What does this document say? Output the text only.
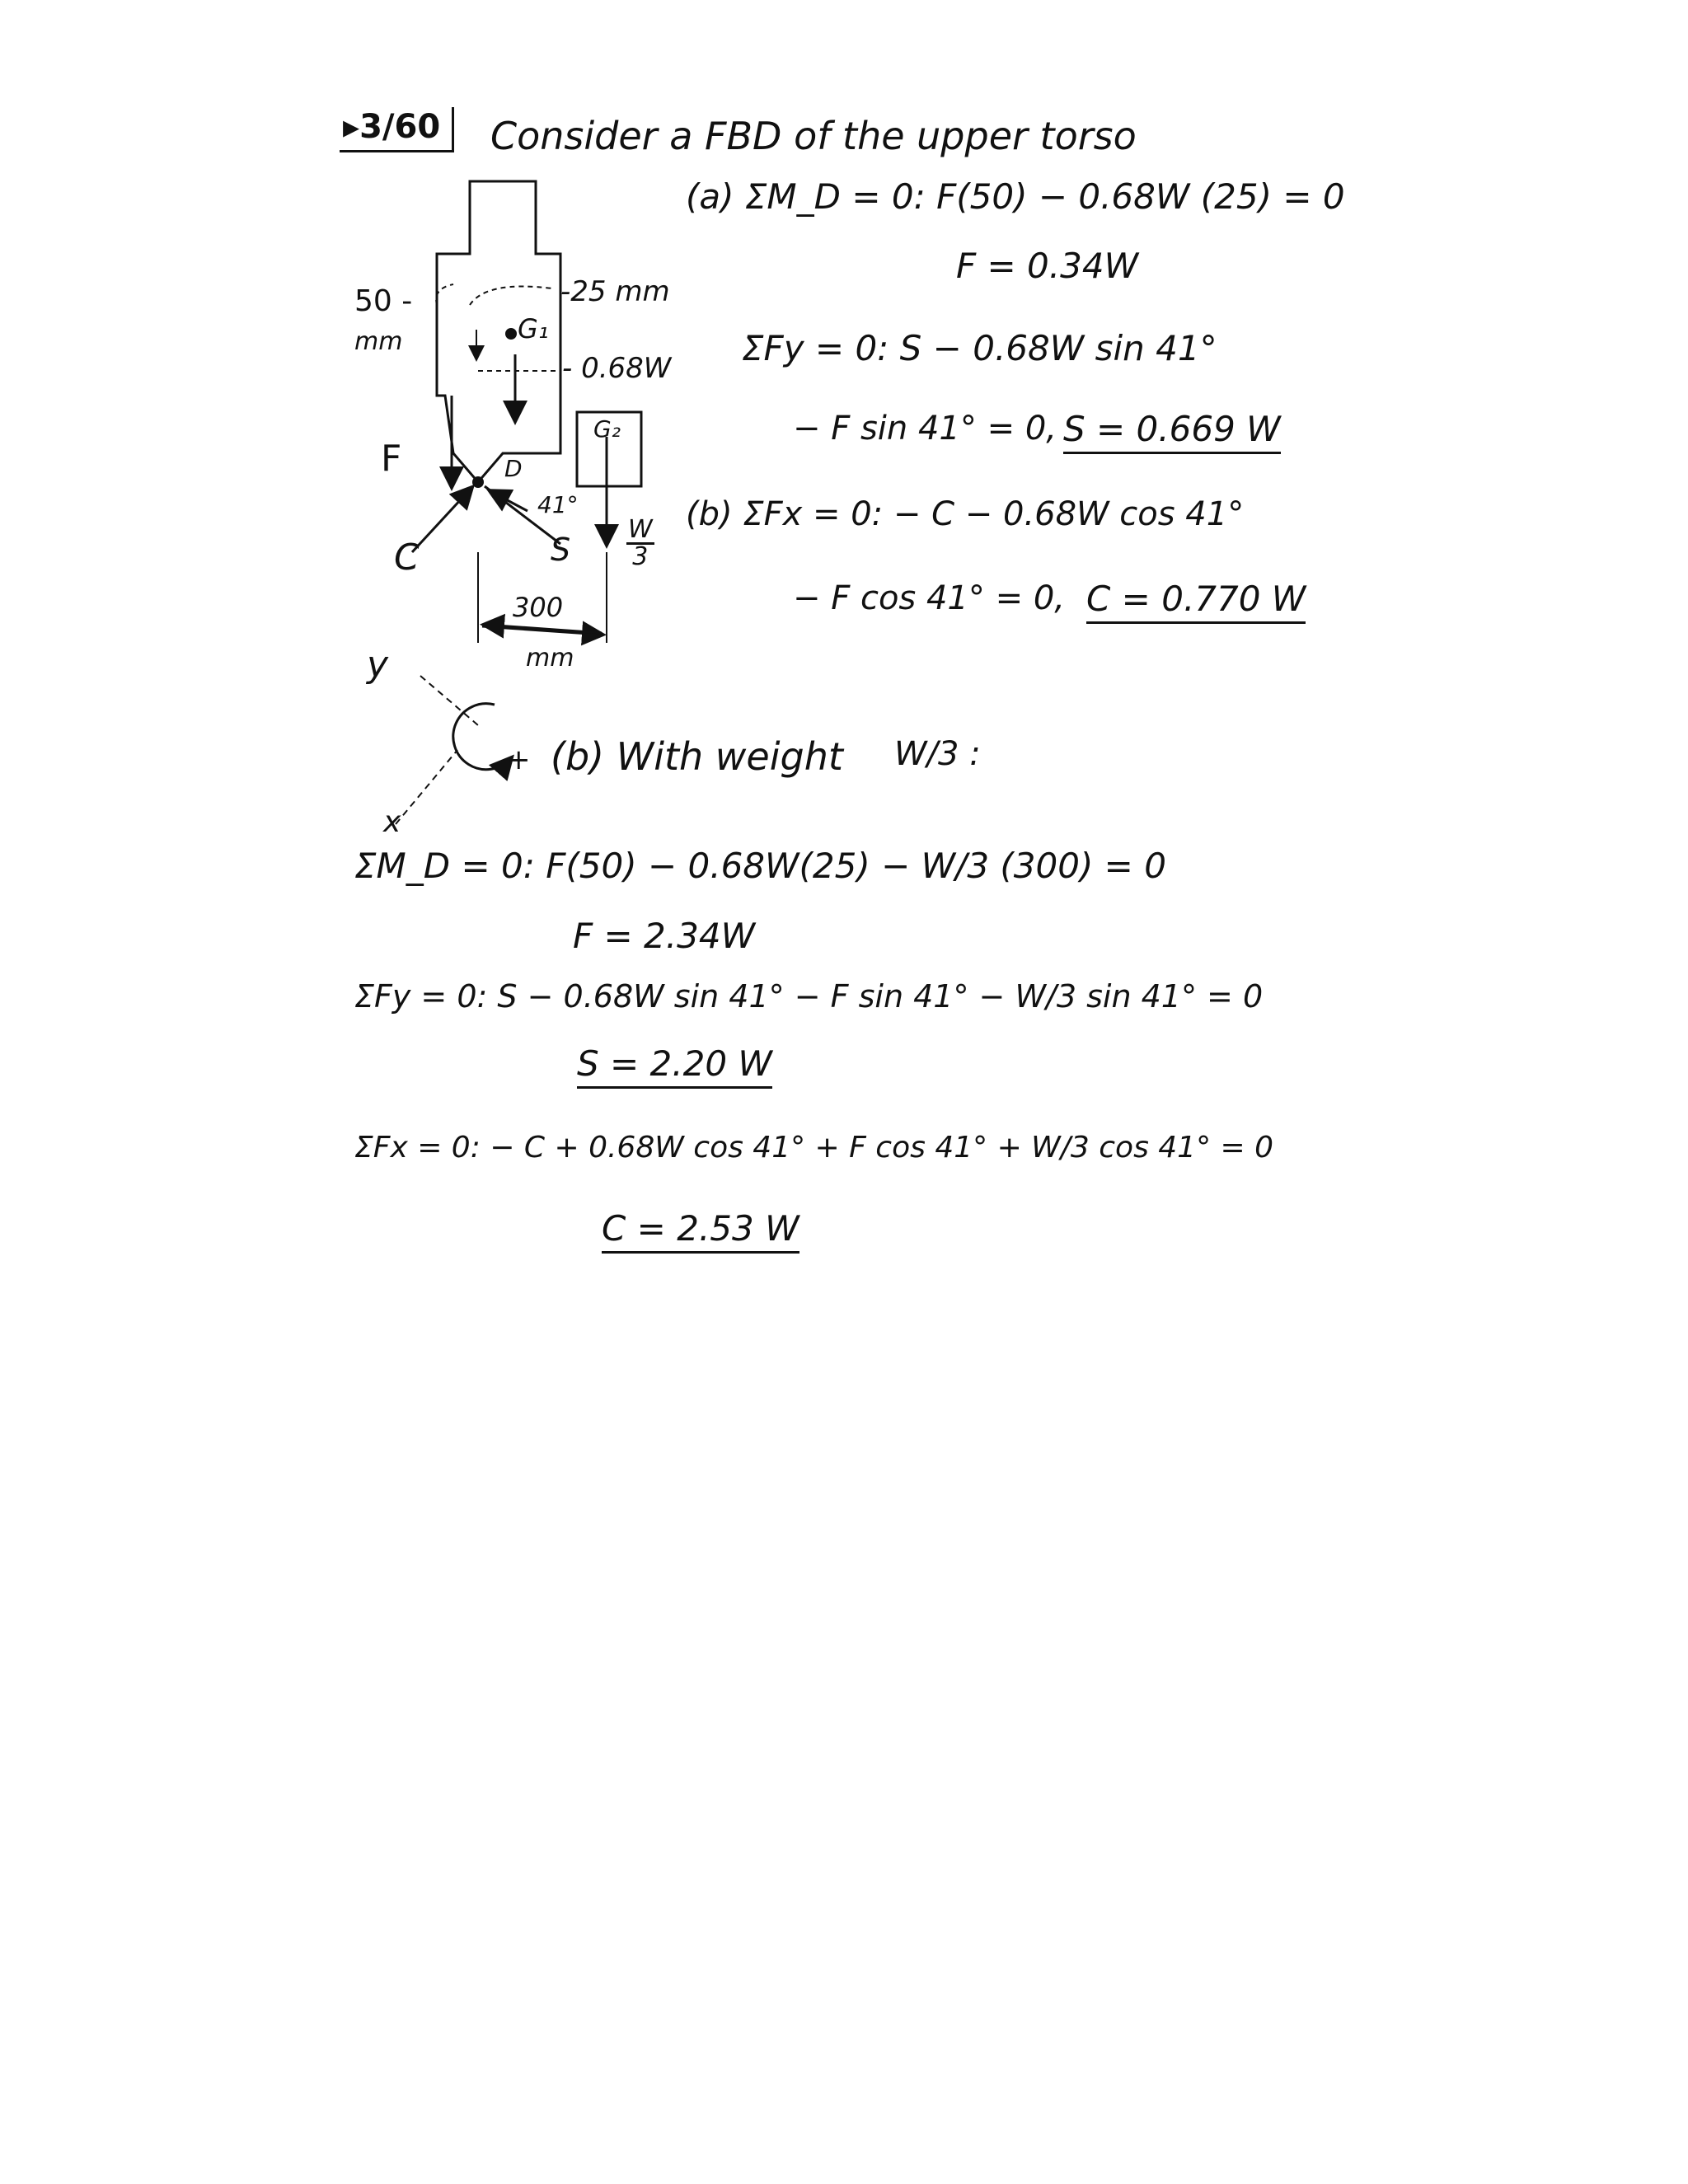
▸3/60	Consider a FBD of the upper torso
(a) ΣM_D = 0: F(50) − 0.68W (25) = 0
F = 0.34W
ΣFy = 0: S − 0.68W sin 41°
− F sin 41° = 0, S = 0.669 W
(b) ΣFx = 0: − C − 0.68W cos 41°
− F cos 41° = 0, C = 0.770 W
-25 mm
G₁
- 0.68W
G₂
D
41°
S
300
mm
50 -
mm
F
C	$\frac{W}{3}$
y
x
+ (b) With weight W/3 :
ΣM_D = 0: F(50) − 0.68W(25) − W/3 (300) = 0
F = 2.34W
ΣFy = 0: S − 0.68W sin 41° − F sin 41° − W/3 sin 41° = 0
S = 2.20 W
ΣFx = 0: − C + 0.68W cos 41° + F cos 41° + W/3 cos 41° = 0
C = 2.53 W
